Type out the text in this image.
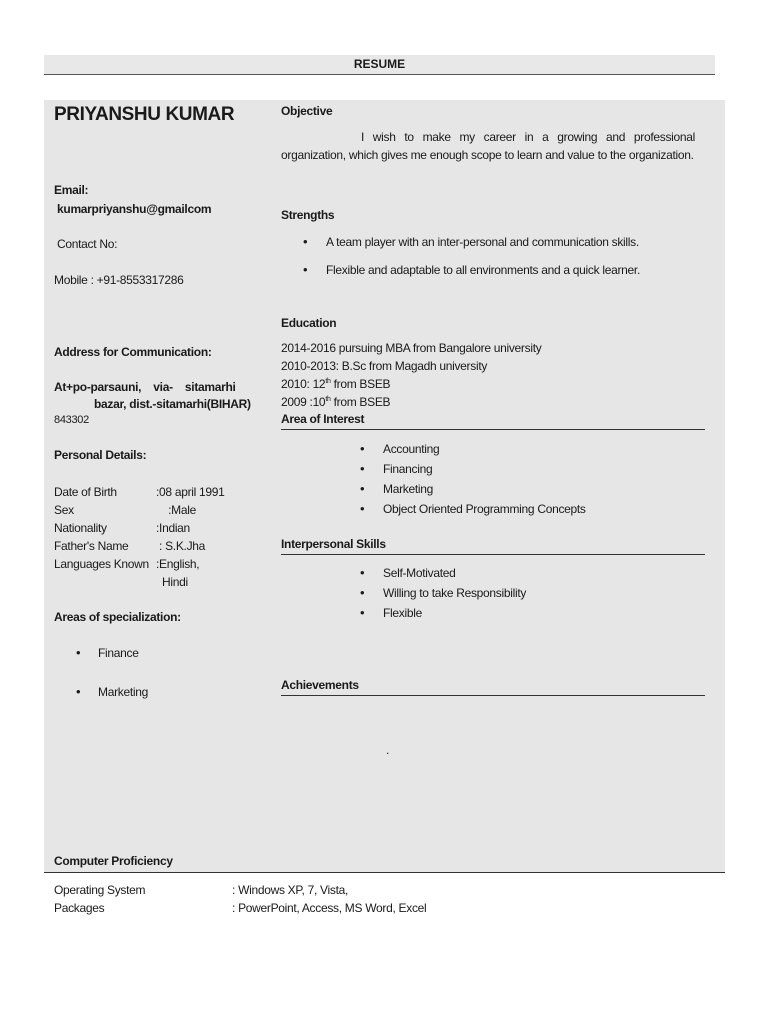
RESUME
PRIYANSHU KUMAR
Email:
kumarpriyanshu@gmailcom
Contact No:
Mobile : +91-8553317286
Address for Communication:
At+po-parsauni,    via-    sitamarhi
bazar, dist.-sitamarhi(BIHAR)
843302
Personal Details:
Date of Birth	:08 april 1991
Sex	:Male
Nationality	:Indian
Father's Name	: S.K.Jha
Languages Known :English,
Hindi
Areas of specialization:
• Finance
• Marketing
Objective
I wish to make my career in a growing and professional organization, which gives me enough scope to learn and value to the organization.
Strengths
• A team player with an inter-personal and communication skills.
• Flexible and adaptable to all environments and a quick learner.
Education
2014-2016 pursuing MBA from Bangalore university
2010-2013: B.Sc from Magadh university
2010: 12th from BSEB
2009 :10th from BSEB
Area of Interest
• Accounting
• Financing
• Marketing
• Object Oriented Programming Concepts
Interpersonal Skills
• Self-Motivated
• Willing to take Responsibility
• Flexible
Achievements
.
Computer Proficiency
Operating System	: Windows XP, 7, Vista,
Packages	: PowerPoint, Access, MS Word, Excel
